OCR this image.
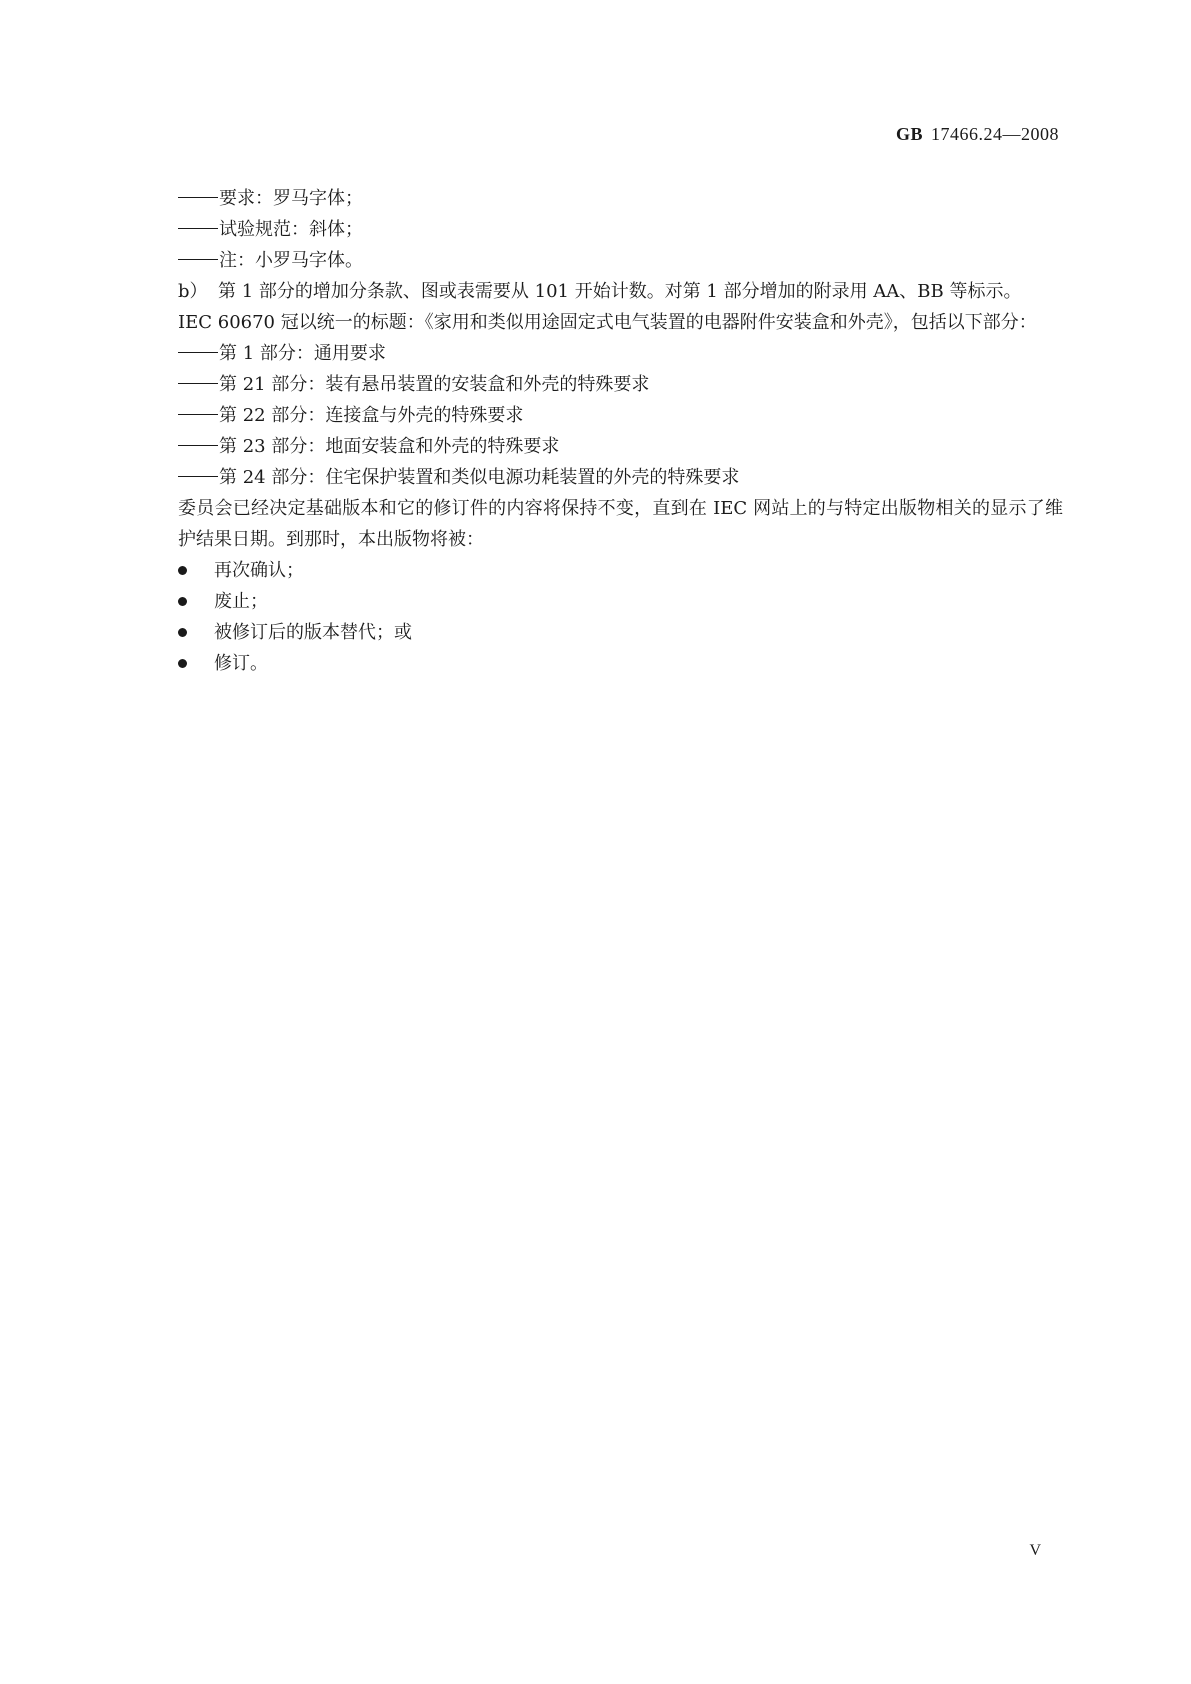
GB 17466.24—2008
要求：罗马字体；
试验规范：斜体；
注：小罗马字体。
b） 第 1 部分的增加分条款、图或表需要从 101 开始计数。对第 1 部分增加的附录用 AA、BB 等标示。
IEC 60670 冠以统一的标题：《家用和类似用途固定式电气装置的电器附件安装盒和外壳》，包括以下部分：
第 1 部分：通用要求
第 21 部分：装有悬吊装置的安装盒和外壳的特殊要求
第 22 部分：连接盒与外壳的特殊要求
第 23 部分：地面安装盒和外壳的特殊要求
第 24 部分：住宅保护装置和类似电源功耗装置的外壳的特殊要求
委员会已经决定基础版本和它的修订件的内容将保持不变，直到在 IEC 网站上的与特定出版物相关的显示了维护结果日期。到那时，本出版物将被：
再次确认；
废止；
被修订后的版本替代；或
修订。
V
